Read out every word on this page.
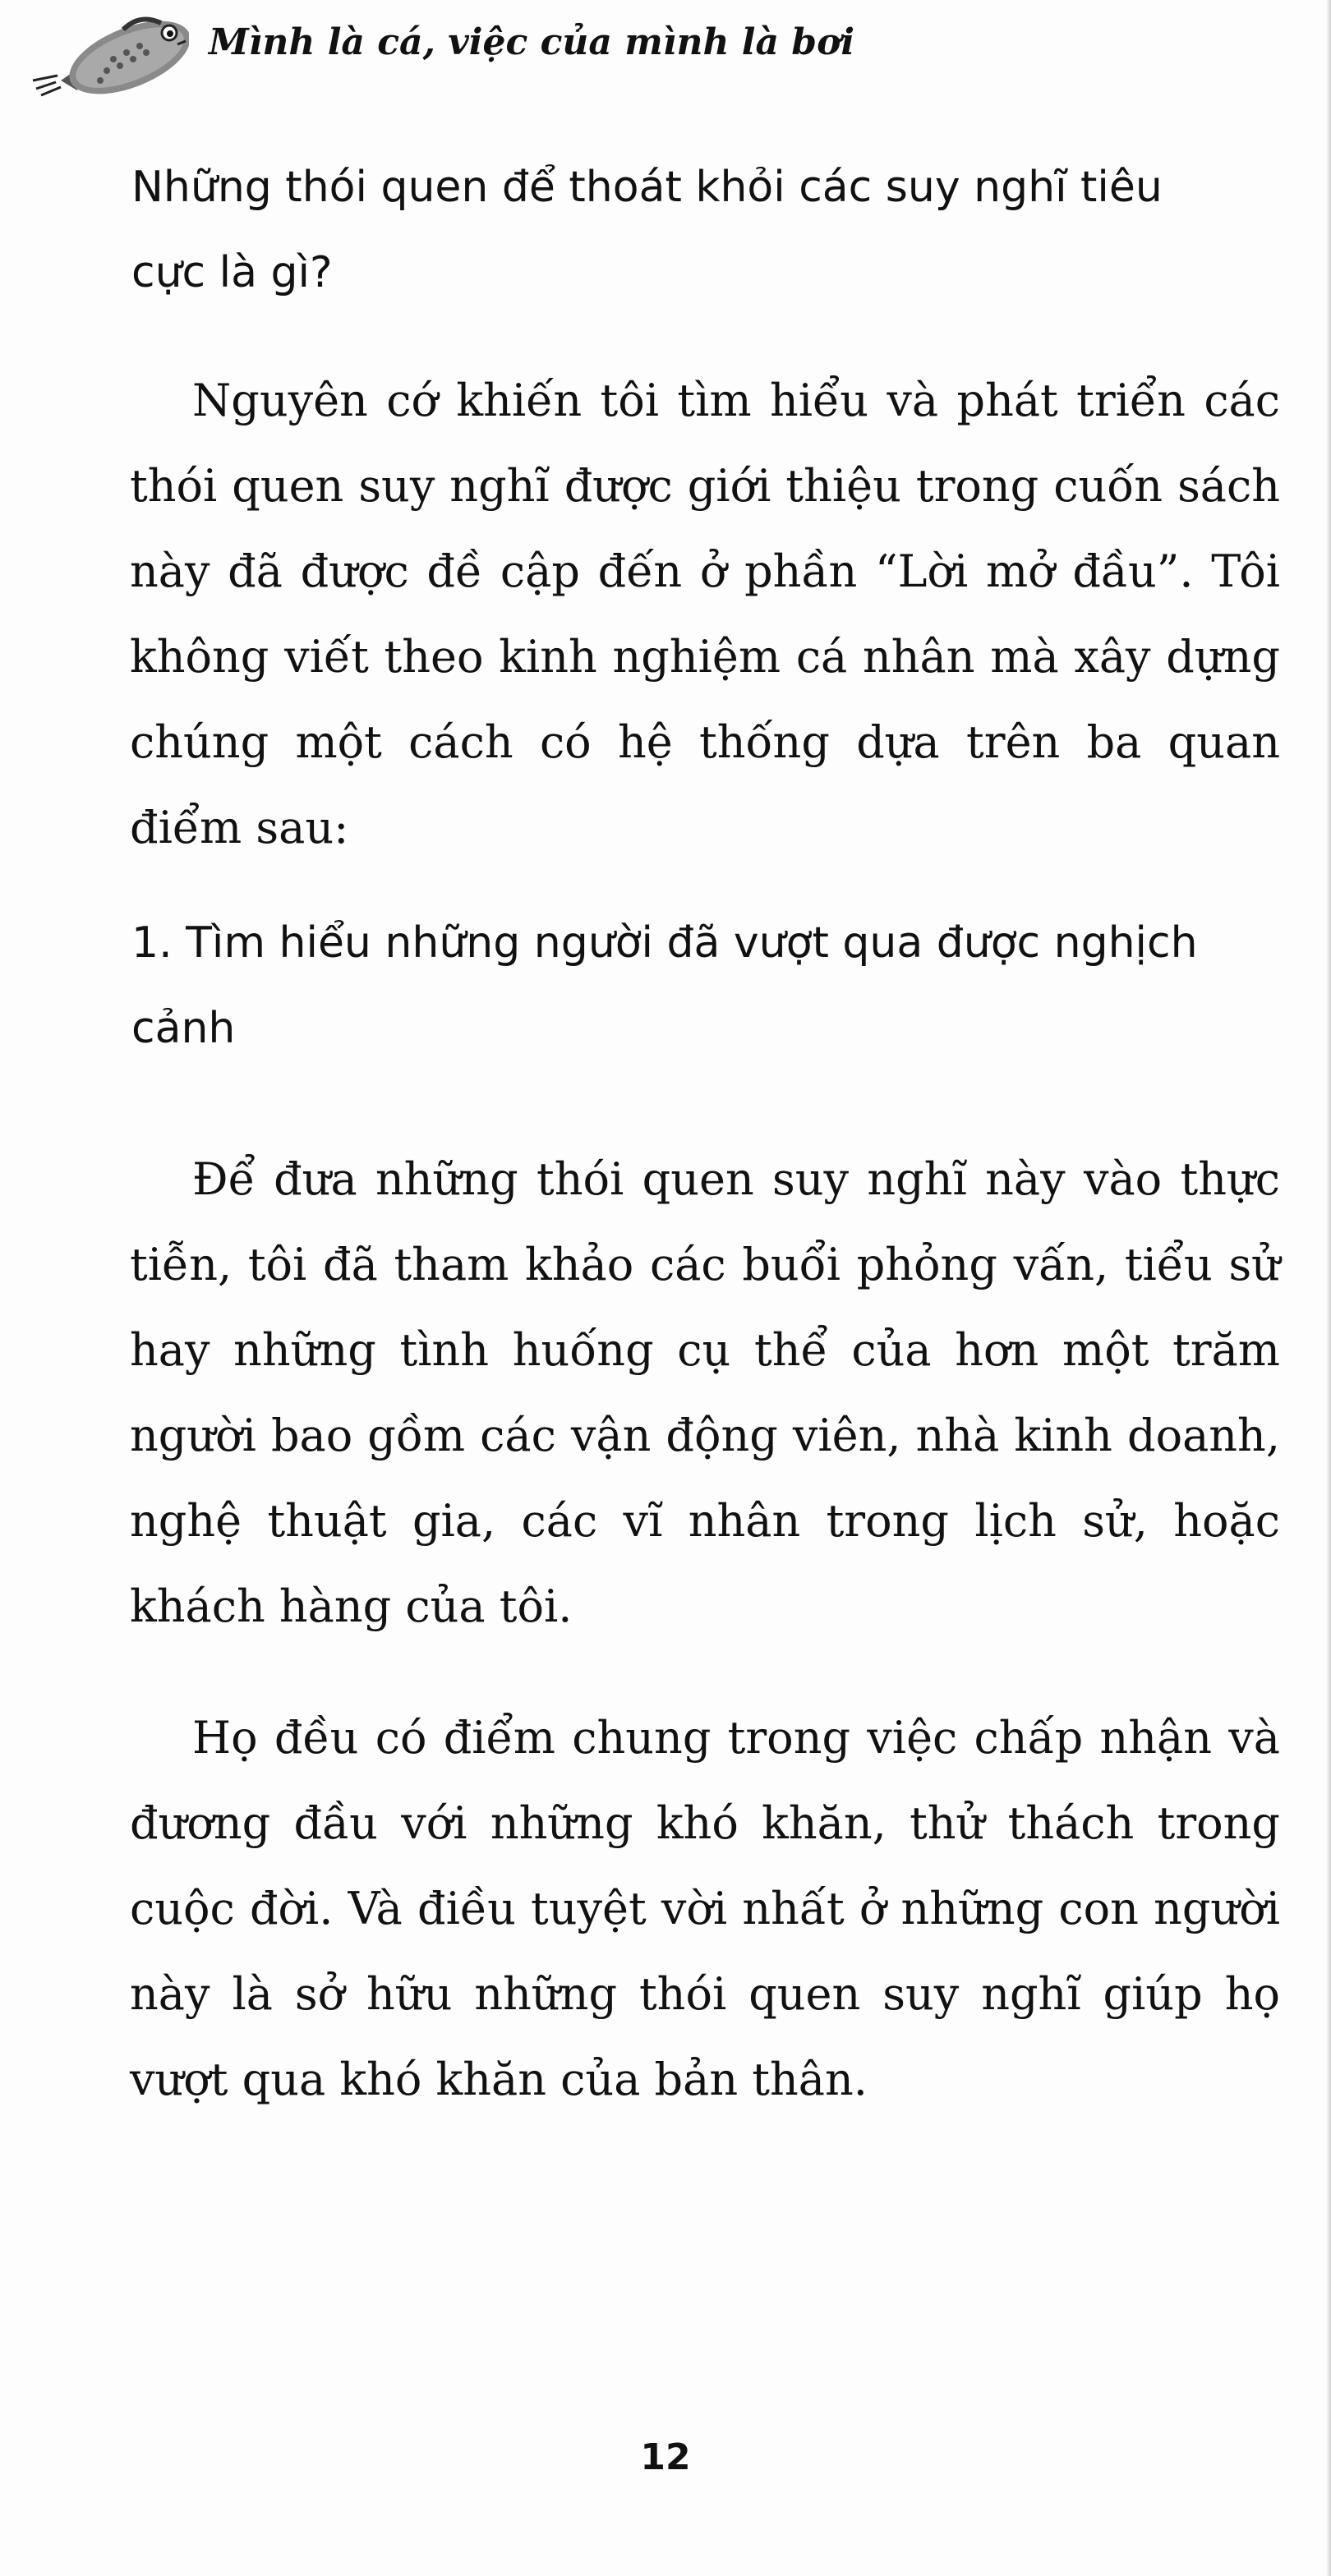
Mình là cá, việc của mình là bơi
Những thói quen để thoát khỏi các suy nghĩ tiêu cực là gì?
Nguyên cớ khiến tôi tìm hiểu và phát triển các thói quen suy nghĩ được giới thiệu trong cuốn sách này đã được đề cập đến ở phần “Lời mở đầu”. Tôi không viết theo kinh nghiệm cá nhân mà xây dựng chúng một cách có hệ thống dựa trên ba quan điểm sau:
1. Tìm hiểu những người đã vượt qua được nghịch cảnh
Để đưa những thói quen suy nghĩ này vào thực tiễn, tôi đã tham khảo các buổi phỏng vấn, tiểu sử hay những tình huống cụ thể của hơn một trăm người bao gồm các vận động viên, nhà kinh doanh, nghệ thuật gia, các vĩ nhân trong lịch sử, hoặc khách hàng của tôi.
Họ đều có điểm chung trong việc chấp nhận và đương đầu với những khó khăn, thử thách trong cuộc đời. Và điều tuyệt vời nhất ở những con người này là sở hữu những thói quen suy nghĩ giúp họ vượt qua khó khăn của bản thân.
12
